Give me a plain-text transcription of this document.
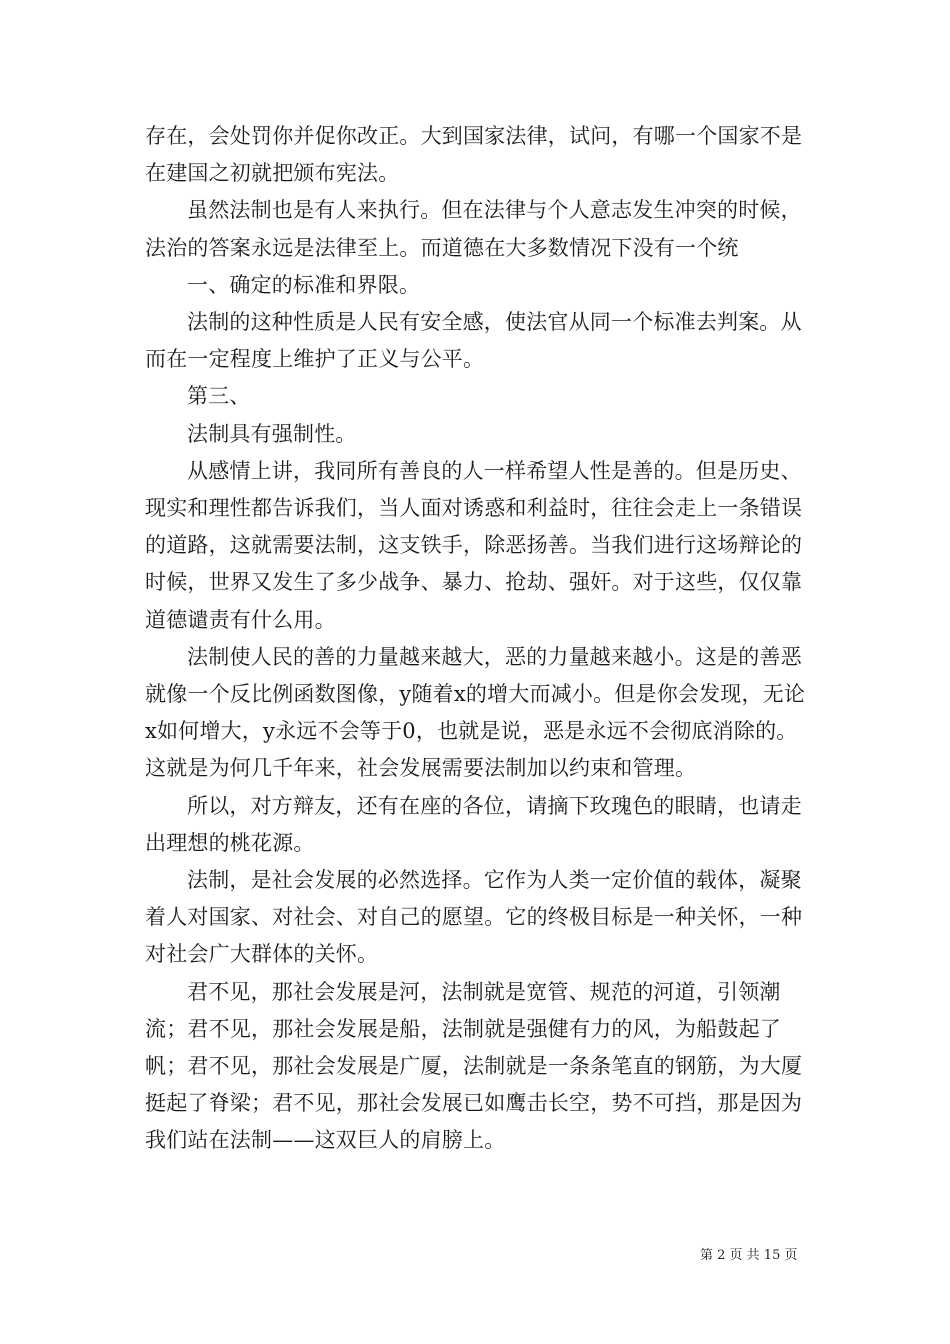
存在，会处罚你并促你改正。大到国家法律，试问，有哪一个国家不是在建国之初就把颁布宪法。

虽然法制也是有人来执行。但在法律与个人意志发生冲突的时候，法治的答案永远是法律至上。而道德在大多数情况下没有一个统

一、确定的标准和界限。

法制的这种性质是人民有安全感，使法官从同一个标准去判案。从而在一定程度上维护了正义与公平。

第三、

法制具有强制性。

从感情上讲，我同所有善良的人一样希望人性是善的。但是历史、现实和理性都告诉我们，当人面对诱惑和利益时，往往会走上一条错误的道路，这就需要法制，这支铁手，除恶扬善。当我们进行这场辩论的时候，世界又发生了多少战争、暴力、抢劫、强奸。对于这些，仅仅靠道德谴责有什么用。

法制使人民的善的力量越来越大，恶的力量越来越小。这是的善恶就像一个反比例函数图像，y随着x的增大而减小。但是你会发现，无论x如何增大，y永远不会等于0，也就是说，恶是永远不会彻底消除的。这就是为何几千年来，社会发展需要法制加以约束和管理。

所以，对方辩友，还有在座的各位，请摘下玫瑰色的眼睛，也请走出理想的桃花源。

法制，是社会发展的必然选择。它作为人类一定价值的载体，凝聚着人对国家、对社会、对自己的愿望。它的终极目标是一种关怀，一种对社会广大群体的关怀。

君不见，那社会发展是河，法制就是宽管、规范的河道，引领潮流；君不见，那社会发展是船，法制就是强健有力的风，为船鼓起了帆；君不见，那社会发展是广厦，法制就是一条条笔直的钢筋，为大厦挺起了脊梁；君不见，那社会发展已如鹰击长空，势不可挡，那是因为我们站在法制——这双巨人的肩膀上。

第 2 页 共 15 页
